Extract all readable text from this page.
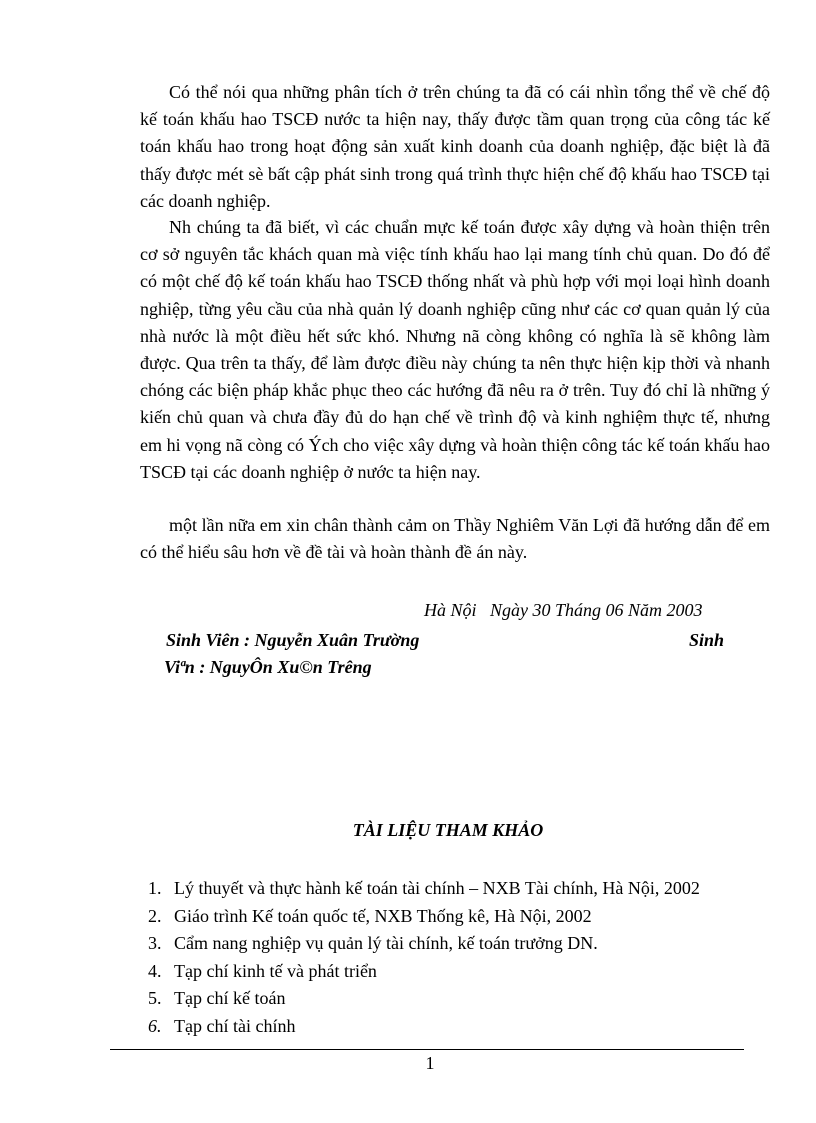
Có thể nói qua những phân tích ở trên chúng ta đã có cái nhìn tổng thể về chế độ kế toán khấu hao TSCĐ nước ta hiện nay, thấy được tầm quan trọng của công tác kế toán khấu hao trong hoạt động sản xuất kinh doanh của doanh nghiệp, đặc biệt là đã thấy được mét sè bất cập phát sinh trong quá trình thực hiện chế độ khấu hao TSCĐ tại các doanh nghiệp.

Nh chúng ta đã biết, vì các chuẩn mực kế toán được xây dựng và hoàn thiện trên cơ sở nguyên tắc khách quan mà việc tính khấu hao lại mang tính chủ quan. Do đó để có một chế độ kế toán khấu hao TSCĐ thống nhất và phù hợp với mọi loại hình doanh nghiệp, từng yêu cầu của nhà quản lý doanh nghiệp cũng như các cơ quan quản lý của nhà nước là một điều hết sức khó. Nhưng nã còng không có nghĩa là sẽ không làm được. Qua trên ta thấy, để làm được điều này chúng ta nên thực hiện kịp thời và nhanh chóng các biện pháp khắc phục theo các hướng đã nêu ra ở trên. Tuy đó chỉ là những ý kiến chủ quan và chưa đầy đủ do hạn chế về trình độ và kinh nghiệm thực tế, nhưng em hi vọng nã còng có Ých cho việc xây dựng và hoàn thiện công tác kế toán khấu hao TSCĐ tại các doanh nghiệp ở nước ta hiện nay.

một lần nữa em xin chân thành cảm on Thầy Nghiêm Văn Lợi đã hướng dẫn để em có thể hiểu sâu hơn về đề tài và hoàn thành đề án này.

Hà Nội   Ngày 30 Tháng 06 Năm 2003
Sinh Viên : Nguyễn Xuân Trường	Sinh
Viªn : NguyÔn Xu©n Trêng
TÀI LIỆU THAM KHẢO
1. Lý thuyết và thực hành kế toán tài chính – NXB Tài chính, Hà Nội, 2002
2. Giáo trình Kế toán quốc tế, NXB Thống kê, Hà Nội, 2002
3. Cẩm nang nghiệp vụ quản lý tài chính, kế toán trưởng DN.
4. Tạp chí kinh tế và phát triển
5. Tạp chí kế toán
6. Tạp chí tài chính
1
